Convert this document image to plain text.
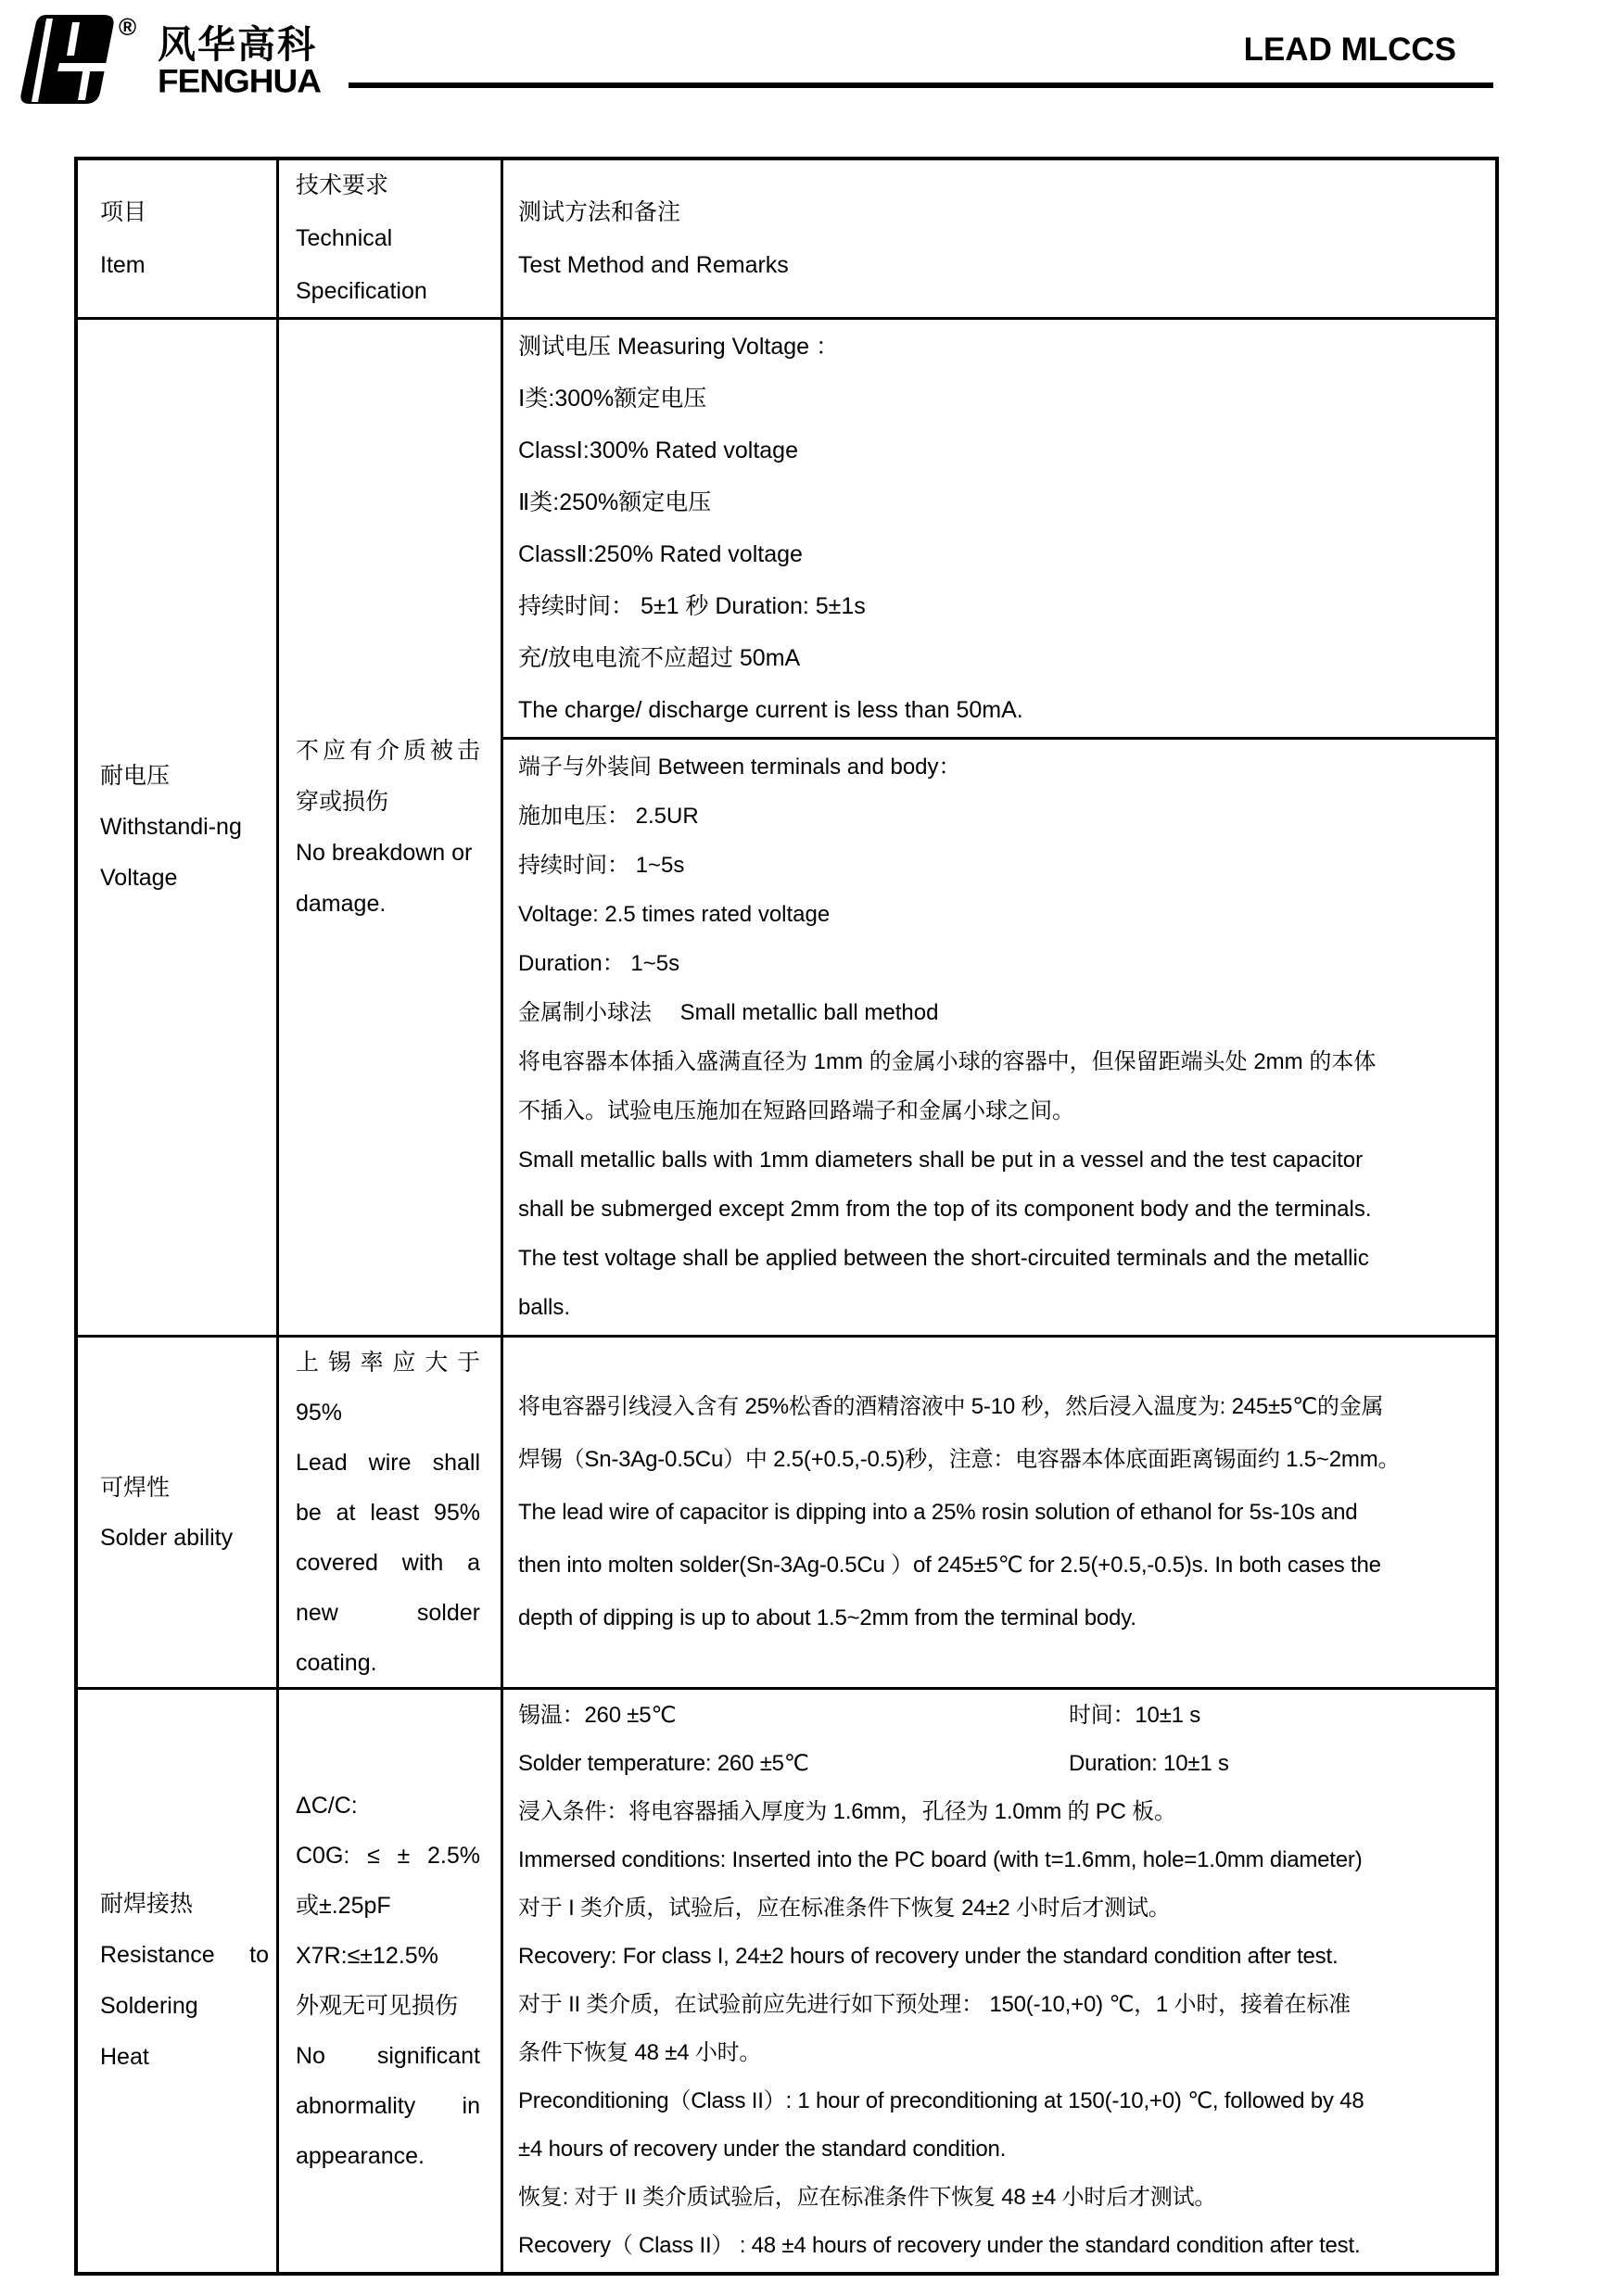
® 风华高科
FENGHUA
LEAD MLCCS
项目
Item
技术要求
Technical
Specification
测试方法和备注
Test Method and Remarks
耐电压
Withstandi-ng
Voltage
不应有介质被击
穿或损伤
No breakdown or
damage.
测试电压 Measuring Voltage ：
Ⅰ类:300%额定电压
ClassⅠ:300% Rated voltage
Ⅱ类:250%额定电压
ClassⅡ:250% Rated voltage
持续时间： 5±1 秒 Duration: 5±1s
充/放电电流不应超过 50mA
The charge/ discharge current is less than 50mA.
端子与外装间 Between terminals and body：
施加电压： 2.5UR
持续时间： 1~5s
Voltage: 2.5 times rated voltage
Duration： 1~5s
金属制小球法　 Small metallic ball method
将电容器本体插入盛满直径为 1mm 的金属小球的容器中，但保留距端头处 2mm 的本体
不插入。试验电压施加在短路回路端子和金属小球之间。
Small metallic balls with 1mm diameters shall be put in a vessel and the test capacitor
shall be submerged except 2mm from the top of its component body and the terminals.
The test voltage shall be applied between the short-circuited terminals and the metallic
balls.
可焊性
Solder ability
上锡率应大于
95%
Lead wire shall
be at least 95%
covered with a
new solder
coating.
将电容器引线浸入含有 25%松香的酒精溶液中 5-10 秒，然后浸入温度为: 245±5℃的金属
焊锡（Sn-3Ag-0.5Cu）中 2.5(+0.5,-0.5)秒，注意：电容器本体底面距离锡面约 1.5~2mm。
The lead wire of capacitor is dipping into a 25% rosin solution of ethanol for 5s-10s and
then into molten solder(Sn-3Ag-0.5Cu ）of 245±5℃ for 2.5(+0.5,-0.5)s. In both cases the
depth of dipping is up to about 1.5~2mm from the terminal body.
耐焊接热
Resistance to
Soldering
Heat
ΔC/C:
C0G: ≤ ± 2.5%
或±.25pF
X7R:≤±12.5%
外观无可见损伤
No significant
abnormality in
appearance.
锡温：260 ±5℃	时间：10±1 s
Solder temperature: 260 ±5℃	Duration: 10±1 s
浸入条件：将电容器插入厚度为 1.6mm，孔径为 1.0mm 的 PC 板。
Immersed conditions: Inserted into the PC board (with t=1.6mm, hole=1.0mm diameter)
对于 I 类介质，试验后，应在标准条件下恢复 24±2 小时后才测试。
Recovery: For class I, 24±2 hours of recovery under the standard condition after test.
对于 II 类介质，在试验前应先进行如下预处理： 150(-10,+0) ℃，1 小时，接着在标准
条件下恢复 48 ±4 小时。
Preconditioning（Class II）: 1 hour of preconditioning at 150(-10,+0) ℃, followed by 48
±4 hours of recovery under the standard condition.
恢复: 对于 II 类介质试验后，应在标准条件下恢复 48 ±4 小时后才测试。
Recovery（ Class II） : 48 ±4 hours of recovery under the standard condition after test.
